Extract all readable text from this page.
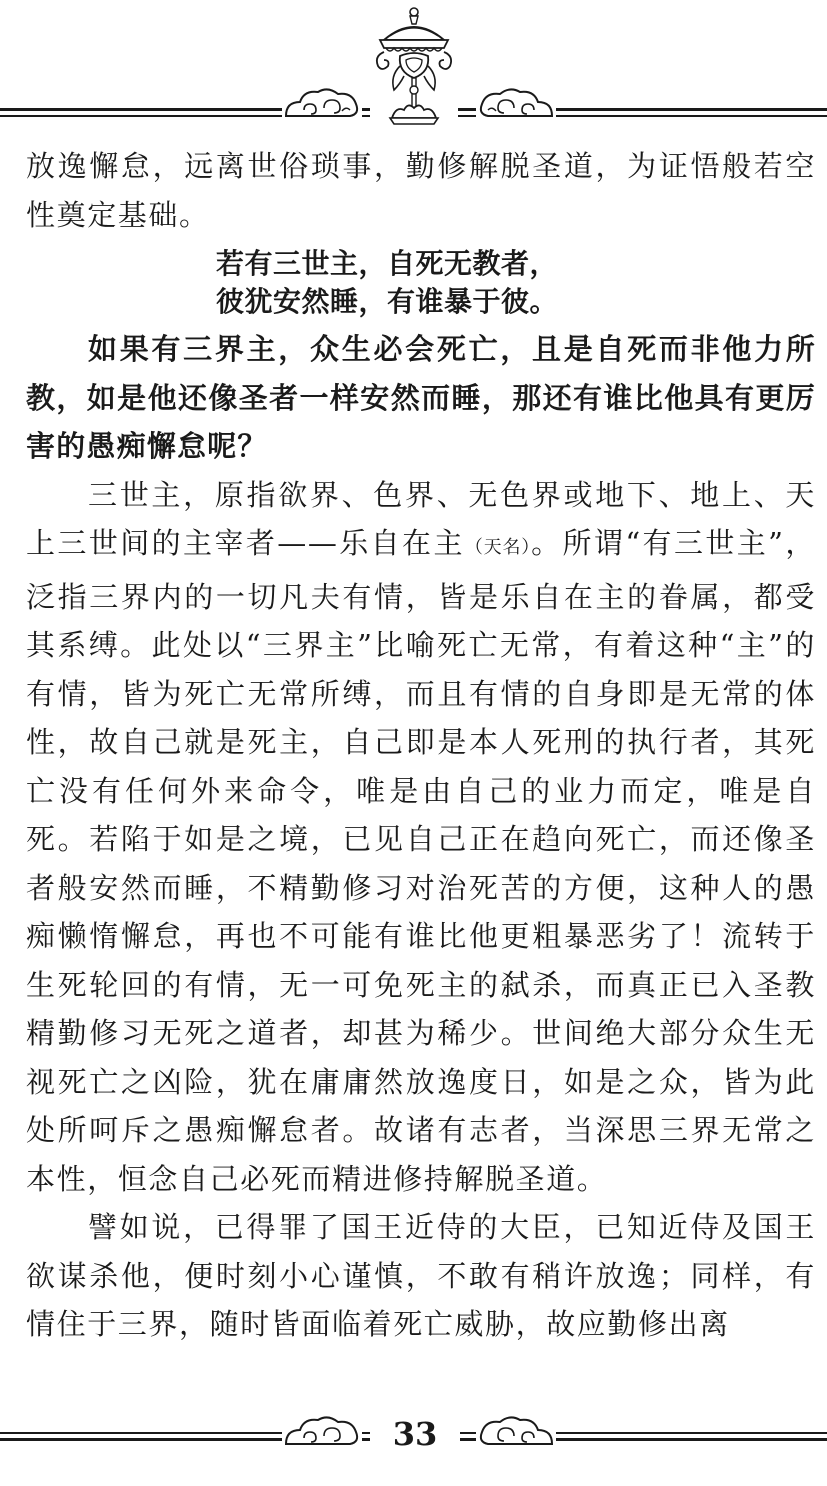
放逸懈怠，远离世俗琐事，勤修解脱圣道，为证悟般若空性奠定基础。

若有三世主，自死无教者，
彼犹安然睡，有谁暴于彼。

如果有三界主，众生必会死亡，且是自死而非他力所教，如是他还像圣者一样安然而睡，那还有谁比他具有更厉害的愚痴懈怠呢？

三世主，原指欲界、色界、无色界或地下、地上、天上三世间的主宰者——乐自在主（天名）。所谓“有三世主”，泛指三界内的一切凡夫有情，皆是乐自在主的眷属，都受其系缚。此处以“三界主”比喻死亡无常，有着这种“主”的有情，皆为死亡无常所缚，而且有情的自身即是无常的体性，故自己就是死主，自己即是本人死刑的执行者，其死亡没有任何外来命令，唯是由自己的业力而定，唯是自死。若陷于如是之境，已见自己正在趋向死亡，而还像圣者般安然而睡，不精勤修习对治死苦的方便，这种人的愚痴懒惰懈怠，再也不可能有谁比他更粗暴恶劣了！流转于生死轮回的有情，无一可免死主的弑杀，而真正已入圣教精勤修习无死之道者，却甚为稀少。世间绝大部分众生无视死亡之凶险，犹在庸庸然放逸度日，如是之众，皆为此处所呵斥之愚痴懈怠者。故诸有志者，当深思三界无常之本性，恒念自己必死而精进修持解脱圣道。

譬如说，已得罪了国王近侍的大臣，已知近侍及国王欲谋杀他，便时刻小心谨慎，不敢有稍许放逸；同样，有情住于三界，随时皆面临着死亡威胁，故应勤修出离

33
